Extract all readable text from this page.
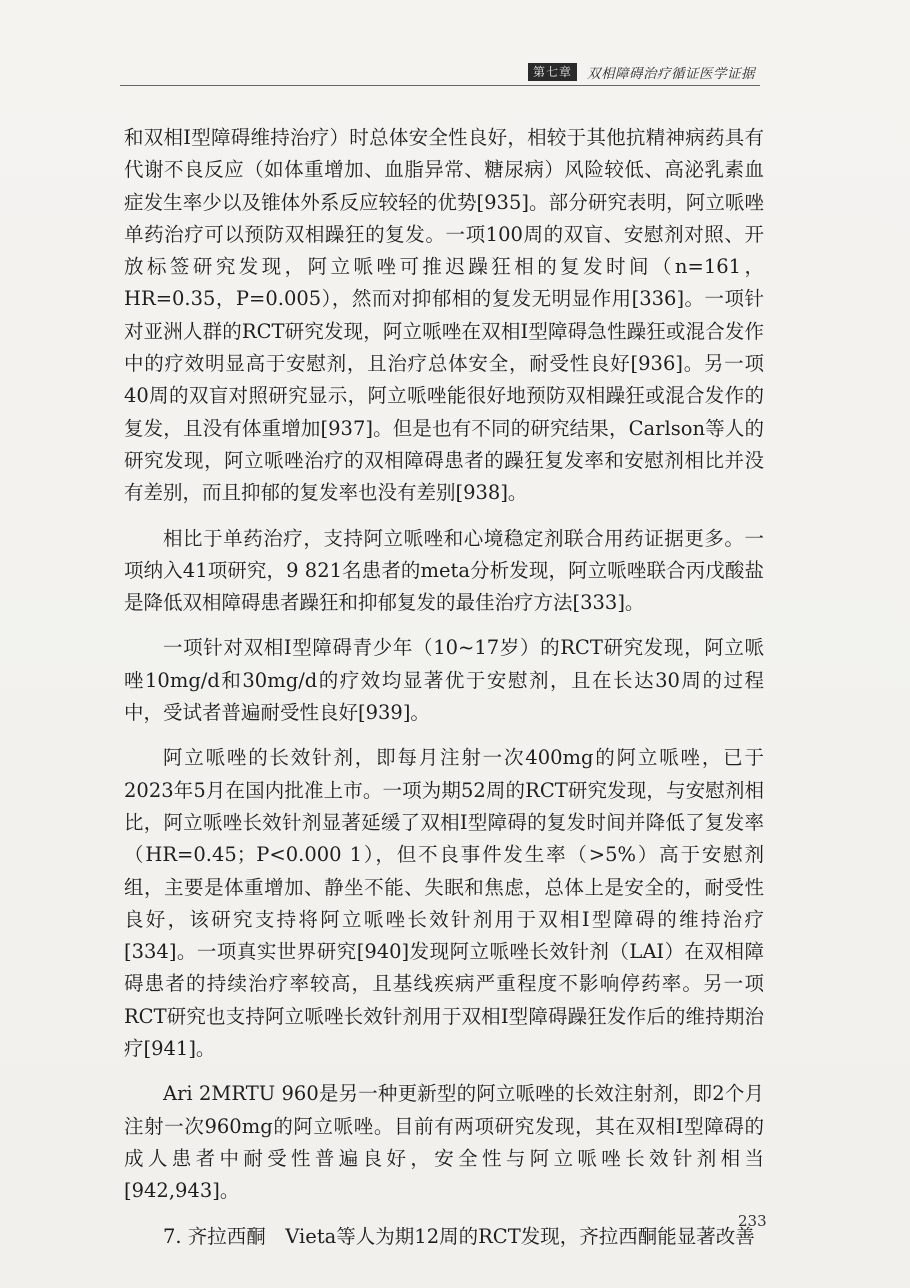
第七章	双相障碍治疗循证医学证据

和双相Ⅰ型障碍维持治疗）时总体安全性良好，相较于其他抗精神病药具有代谢不良反应（如体重增加、血脂异常、糖尿病）风险较低、高泌乳素血症发生率少以及锥体外系反应较轻的优势[935]。部分研究表明，阿立哌唑单药治疗可以预防双相躁狂的复发。一项100周的双盲、安慰剂对照、开放标签研究发现，阿立哌唑可推迟躁狂相的复发时间（n=161，HR=0.35，P=0.005），然而对抑郁相的复发无明显作用[336]。一项针对亚洲人群的RCT研究发现，阿立哌唑在双相Ⅰ型障碍急性躁狂或混合发作中的疗效明显高于安慰剂，且治疗总体安全，耐受性良好[936]。另一项40周的双盲对照研究显示，阿立哌唑能很好地预防双相躁狂或混合发作的复发，且没有体重增加[937]。但是也有不同的研究结果，Carlson等人的研究发现，阿立哌唑治疗的双相障碍患者的躁狂复发率和安慰剂相比并没有差别，而且抑郁的复发率也没有差别[938]。

相比于单药治疗，支持阿立哌唑和心境稳定剂联合用药证据更多。一项纳入41项研究，9 821名患者的meta分析发现，阿立哌唑联合丙戊酸盐是降低双相障碍患者躁狂和抑郁复发的最佳治疗方法[333]。

一项针对双相Ⅰ型障碍青少年（10~17岁）的RCT研究发现，阿立哌唑10mg/d和30mg/d的疗效均显著优于安慰剂，且在长达30周的过程中，受试者普遍耐受性良好[939]。

阿立哌唑的长效针剂，即每月注射一次400mg的阿立哌唑，已于2023年5月在国内批准上市。一项为期52周的RCT研究发现，与安慰剂相比，阿立哌唑长效针剂显著延缓了双相Ⅰ型障碍的复发时间并降低了复发率（HR=0.45；P<0.000 1），但不良事件发生率（>5%）高于安慰剂组，主要是体重增加、静坐不能、失眠和焦虑，总体上是安全的，耐受性良好，该研究支持将阿立哌唑长效针剂用于双相Ⅰ型障碍的维持治疗[334]。一项真实世界研究[940]发现阿立哌唑长效针剂（LAI）在双相障碍患者的持续治疗率较高，且基线疾病严重程度不影响停药率。另一项RCT研究也支持阿立哌唑长效针剂用于双相Ⅰ型障碍躁狂发作后的维持期治疗[941]。

Ari 2MRTU 960是另一种更新型的阿立哌唑的长效注射剂，即2个月注射一次960mg的阿立哌唑。目前有两项研究发现，其在双相Ⅰ型障碍的成人患者中耐受性普遍良好，安全性与阿立哌唑长效针剂相当[942,943]。

7. 齐拉西酮　Vieta等人为期12周的RCT发现，齐拉西酮能显著改善

233
